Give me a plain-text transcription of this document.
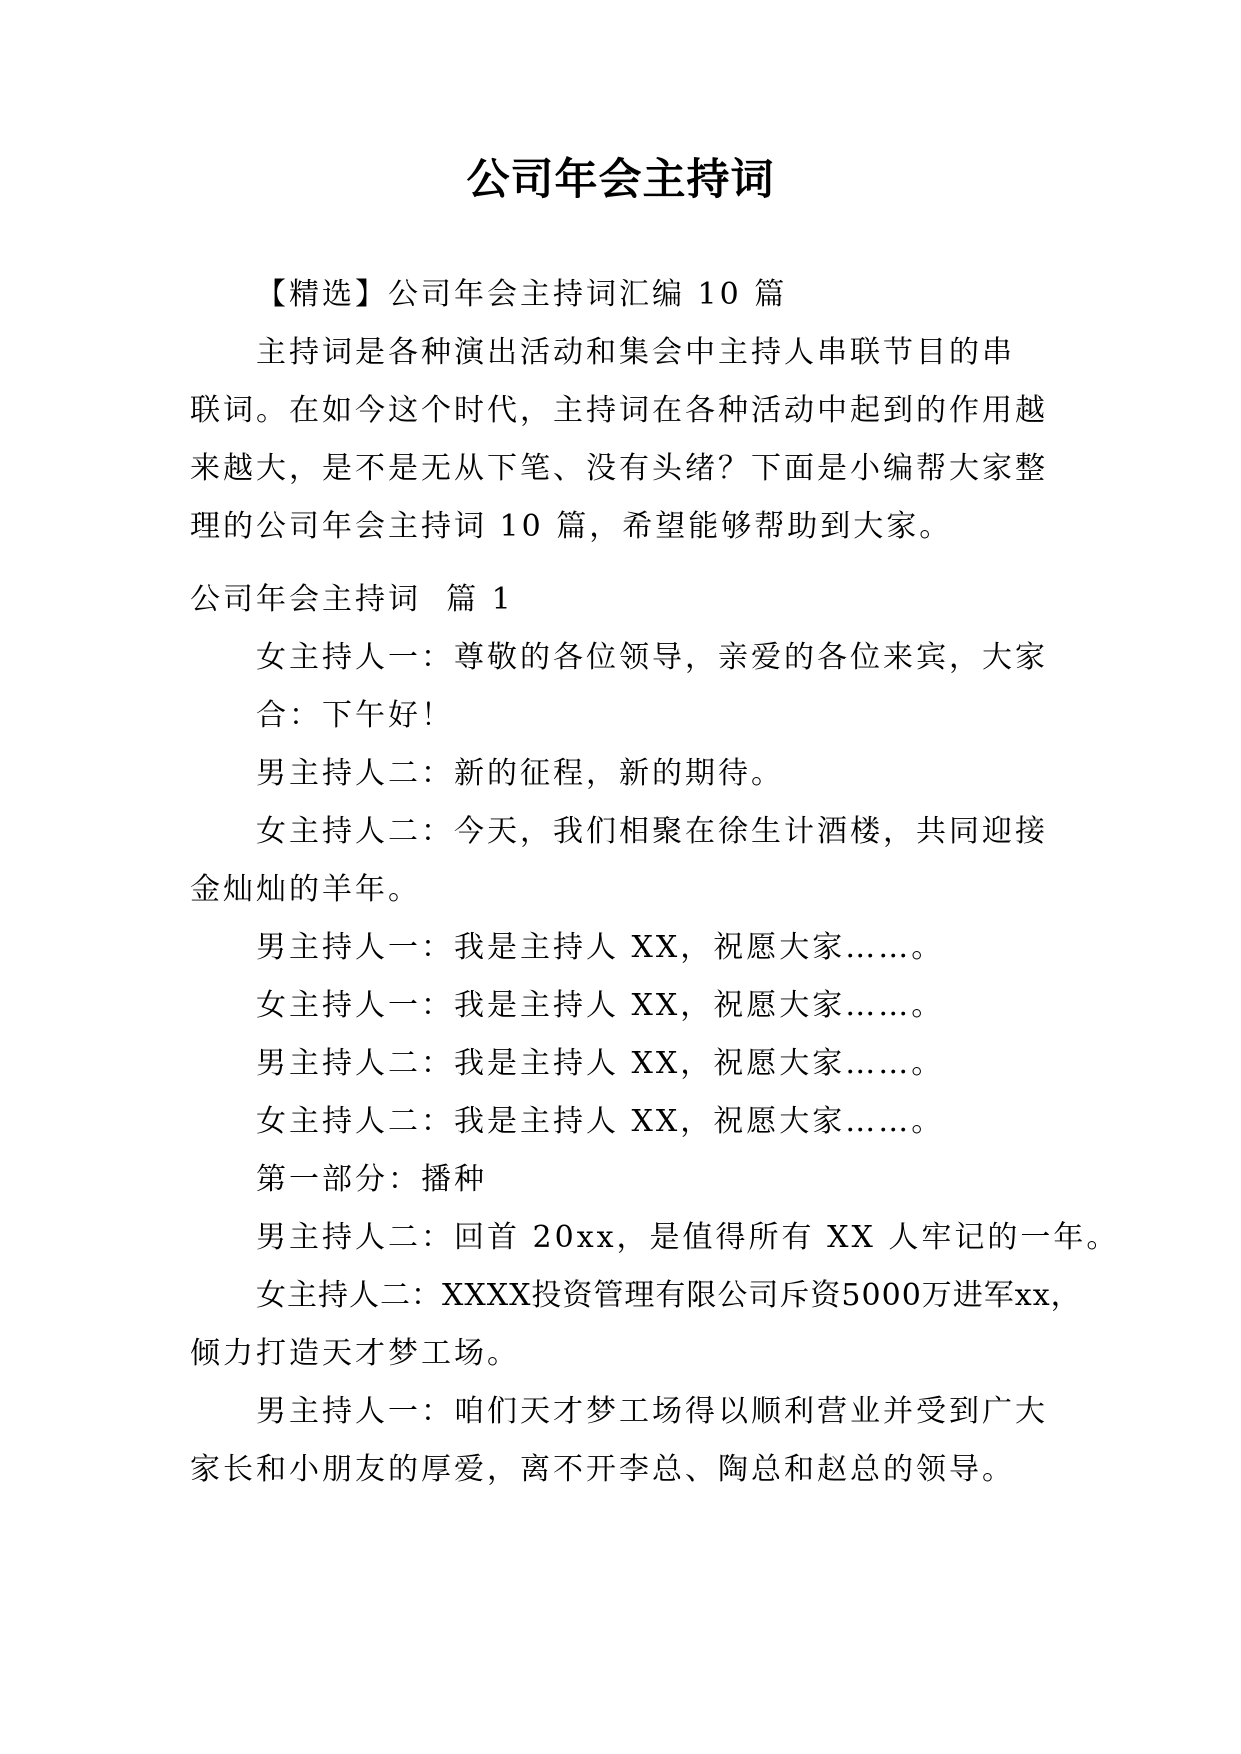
公司年会主持词
【精选】公司年会主持词汇编 10 篇
主持词是各种演出活动和集会中主持人串联节目的串
联词。在如今这个时代，主持词在各种活动中起到的作用越
来越大，是不是无从下笔、没有头绪？下面是小编帮大家整
理的公司年会主持词 10 篇，希望能够帮助到大家。
公司年会主持词  篇 1
女主持人一：尊敬的各位领导，亲爱的各位来宾，大家
合：下午好！
男主持人二：新的征程，新的期待。
女主持人二：今天，我们相聚在徐生计酒楼，共同迎接
金灿灿的羊年。
男主持人一：我是主持人 XX，祝愿大家……。
女主持人一：我是主持人 XX，祝愿大家……。
男主持人二：我是主持人 XX，祝愿大家……。
女主持人二：我是主持人 XX，祝愿大家……。
第一部分：播种
男主持人二：回首 20xx，是值得所有 XX 人牢记的一年。
女主持人二：XXXX投资管理有限公司斥资5000万进军xx，
倾力打造天才梦工场。
男主持人一：咱们天才梦工场得以顺利营业并受到广大
家长和小朋友的厚爱，离不开李总、陶总和赵总的领导。
